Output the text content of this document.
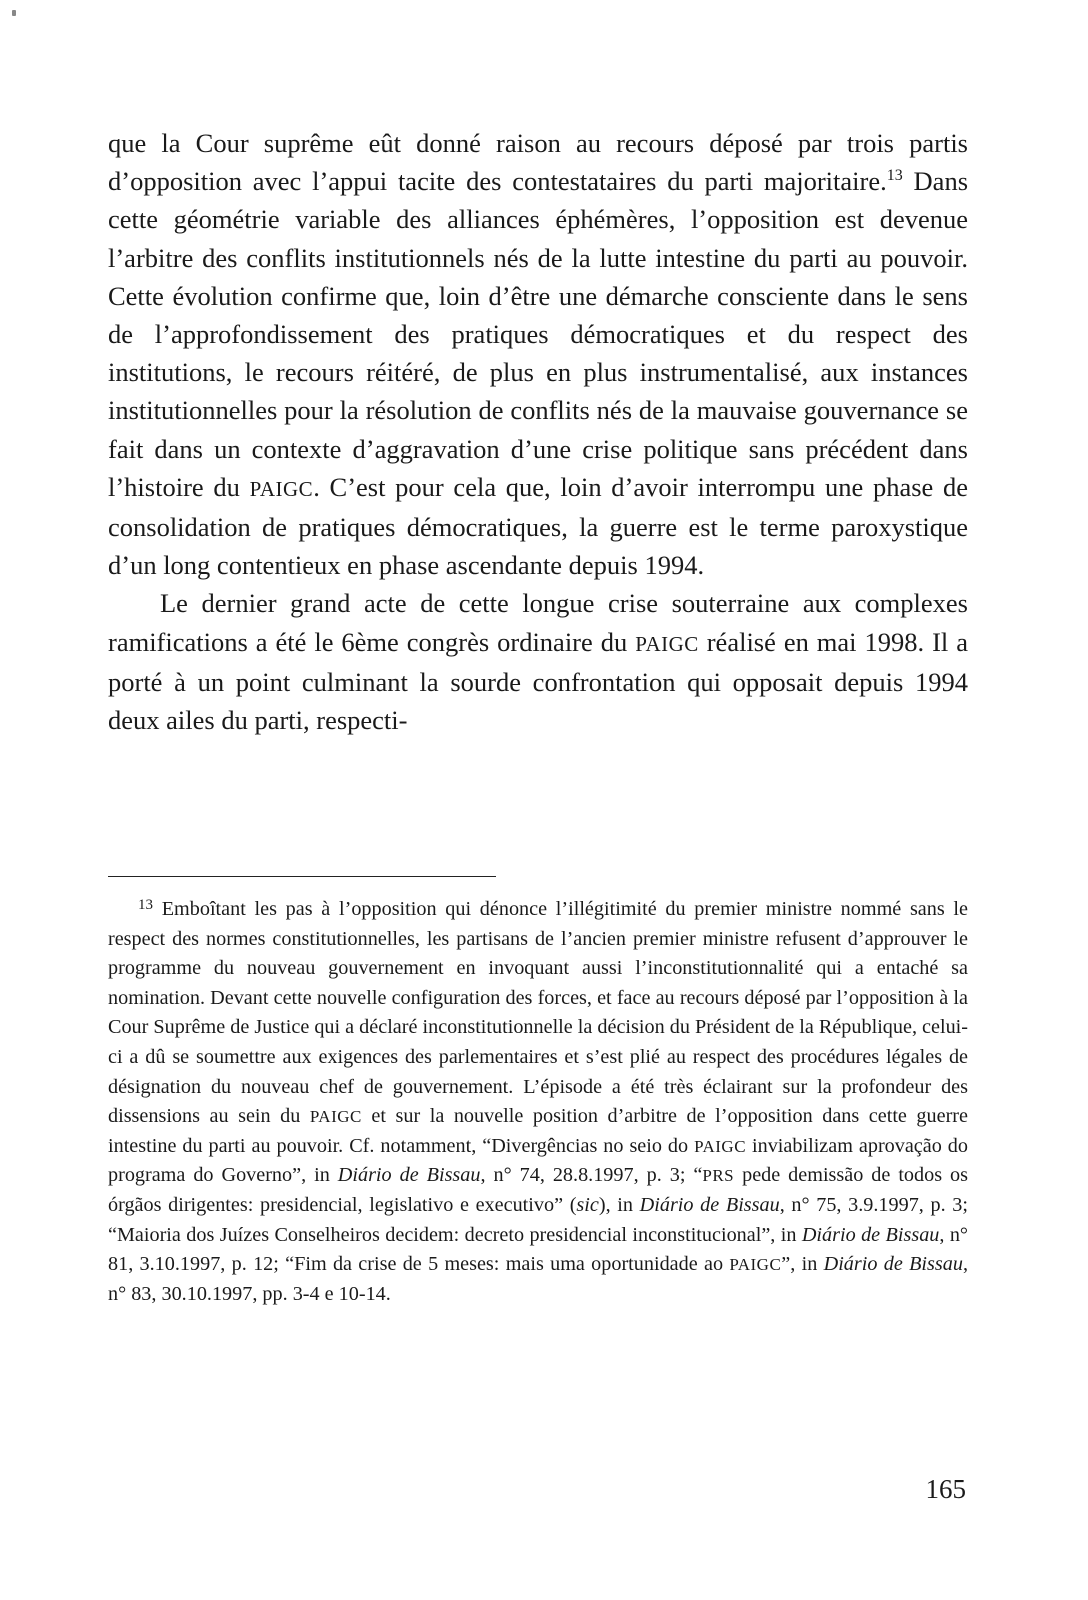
que la Cour suprême eût donné raison au recours déposé par trois partis d’opposition avec l’appui tacite des contestataires du parti majoritaire.$^{13}$ Dans cette géométrie variable des alliances éphémères, l’opposition est devenue l’arbitre des conflits institutionnels nés de la lutte intestine du parti au pouvoir. Cette évolution confirme que, loin d’être une démarche consciente dans le sens de l’approfondissement des pratiques démocratiques et du respect des institutions, le recours réitéré, de plus en plus instrumentalisé, aux instances institutionnelles pour la résolution de conflits nés de la mauvaise gouvernance se fait dans un contexte d’aggravation d’une crise politique sans précédent dans l’histoire du PAIGC. C’est pour cela que, loin d’avoir interrompu une phase de consolidation de pratiques démocratiques, la guerre est le terme paroxystique d’un long contentieux en phase ascendante depuis 1994.

Le dernier grand acte de cette longue crise souterraine aux complexes ramifications a été le 6ème congrès ordinaire du PAIGC réalisé en mai 1998. Il a porté à un point culminant la sourde confrontation qui opposait depuis 1994 deux ailes du parti, respecti-

13 Emboîtant les pas à l’opposition qui dénonce l’illégitimité du premier ministre nommé sans le respect des normes constitutionnelles, les partisans de l’ancien premier ministre refusent d’approuver le programme du nouveau gouvernement en invoquant aussi l’inconstitutionnalité qui a entaché sa nomination. Devant cette nouvelle configuration des forces, et face au recours déposé par l’opposition à la Cour Suprême de Justice qui a déclaré inconstitutionnelle la décision du Président de la République, celui-ci a dû se soumettre aux exigences des parlementaires et s’est plié au respect des procédures légales de désignation du nouveau chef de gouvernement. L’épisode a été très éclairant sur la profondeur des dissensions au sein du PAIGC et sur la nouvelle position d’arbitre de l’opposition dans cette guerre intestine du parti au pouvoir. Cf. notamment, “Divergências no seio do PAIGC inviabilizam aprovação do programa do Governo”, in Diário de Bissau, n° 74, 28.8.1997, p. 3; “PRS pede demissão de todos os órgãos dirigentes: presidencial, legislativo e executivo” (sic), in Diário de Bissau, n° 75, 3.9.1997, p. 3; “Maioria dos Juízes Conselheiros decidem: decreto presidencial inconstitucional”, in Diário de Bissau, n° 81, 3.10.1997, p. 12; “Fim da crise de 5 meses: mais uma oportunidade ao PAIGC”, in Diário de Bissau, n° 83, 30.10.1997, pp. 3-4 e 10-14.

165
